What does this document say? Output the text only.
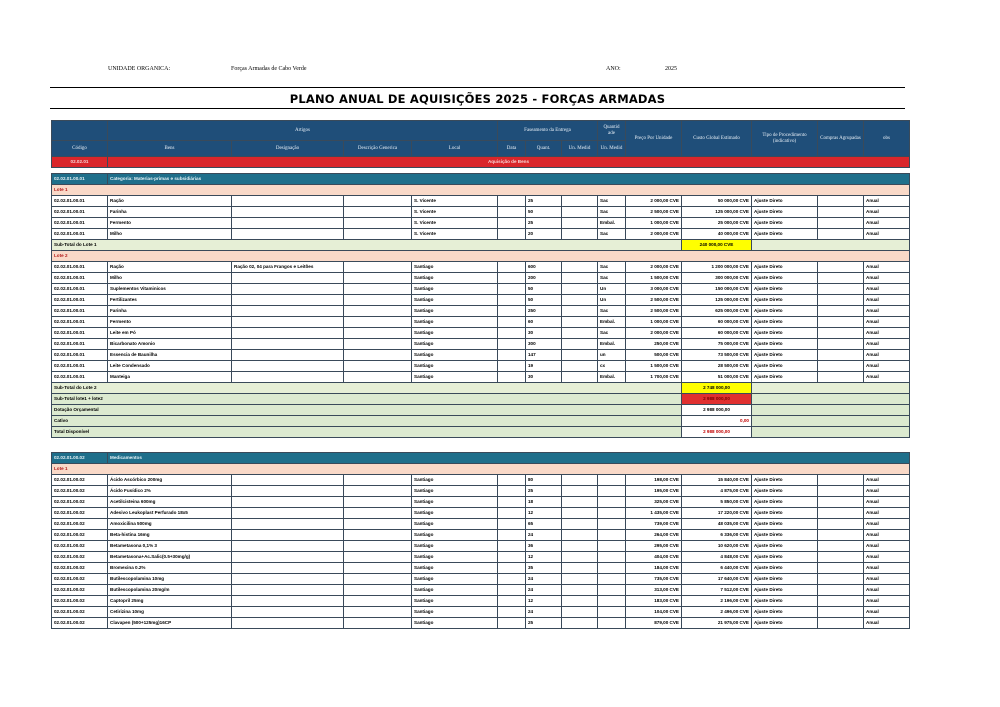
UNIDADE ORGANICA:	Forças Armadas de Cabo Verde	ANO:	2025
PLANO ANUAL DE AQUISIÇÕES 2025 - FORÇAS ARMADAS
	Artigos				Faseamento da Entrega			Quantid ade	Preço Por Unidade	Custo Global Estimado	Tipo de Procedimento (indicativo)	Compras Agrupadas	obs
Código	Bens	Designação	Descrição Generica	Local	Data	Quant.	Un. Medid	Un. Medid					
02.02.01	Aquisição de Bens												

02.02.01.00.01	Categoria: Materias-primas e subsidiárias												
Lote 1													
02.02.01.00.01	Ração			S. Vicente		25		Sac	2 000,00 CVE	50 000,00 CVE	Ajuste Direto		Anual
02.02.01.00.01	Farinha			S. Vicente		50		Sac	2 500,00 CVE	125 000,00 CVE	Ajuste Direto		Anual
02.02.01.00.01	Fermento			S. Vicente		25		Embal.	1 000,00 CVE	25 000,00 CVE	Ajuste Direto		Anual
02.02.01.00.01	Milho			S. Vicente		20		Sac	2 000,00 CVE	40 000,00 CVE	Ajuste Direto		Anual
Sub-Total do Lote 1										240 000,00 CVE			
Lote 2													
02.02.01.00.01	Ração	Ração 02, 04 para Frangos e Leitões		Santiago		600		Sac	2 000,00 CVE	1 200 000,00 CVE	Ajuste Direto		Anual
02.02.01.00.01	Milho			Santiago		200		Sac	1 500,00 CVE	300 000,00 CVE	Ajuste Direto		Anual
02.02.01.00.01	Suplementos Vitaminicos			Santiago		50		Un	3 000,00 CVE	150 000,00 CVE	Ajuste Direto		Anual
02.02.01.00.01	Fertilizantes			Santiago		50		Un	2 500,00 CVE	125 000,00 CVE	Ajuste Direto		Anual
02.02.01.00.01	Farinha			Santiago		250		Sac	2 500,00 CVE	625 000,00 CVE	Ajuste Direto		Anual
02.02.01.00.01	Fermento			Santiago		60		Embal.	1 000,00 CVE	60 000,00 CVE	Ajuste Direto		Anual
02.02.01.00.01	Leite em Pó			Santiago		30		Sac	2 000,00 CVE	60 000,00 CVE	Ajuste Direto		Anual
02.02.01.00.01	Bicarbonato Amonio			Santiago		300		Embal.	250,00 CVE	75 000,00 CVE	Ajuste Direto		Anual
02.02.01.00.01	Essencia de Baunilha			Santiago		147		un	500,00 CVE	73 500,00 CVE	Ajuste Direto		Anual
02.02.01.00.01	Leite Condensado			Santiago		19		cx	1 500,00 CVE	28 500,00 CVE	Ajuste Direto		Anual
02.02.01.00.01	Manteiga			Santiago		30		Embal.	1 700,00 CVE	51 000,00 CVE	Ajuste Direto		Anual
Sub-Total do Lote 2										2 748 000,00			
Sub-Total lote1 + lote2										2 988 000,00			
Dotação Orçamental										2 988 000,00			
Cativo										0,00			
Total Disponível										2 988 000,00			
02.02.01.00.02	Medicamentos												
Lote 1													
02.02.01.00.02	Ácido Ascórbico 200mg			Santiago		80			198,00 CVE	15 840,00 CVE	Ajuste Direto		Anual
02.02.01.00.02	Ácido Fusídico 2%			Santiago		25			195,00 CVE	4 875,00 CVE	Ajuste Direto		Anual
02.02.01.00.02	Acetilcisteina 600mg			Santiago		18			325,00 CVE	5 850,00 CVE	Ajuste Direto		Anual
02.02.01.00.02	Adesivo Leukoplast Perfurado 18x5			Santiago		12			1 435,00 CVE	17 220,00 CVE	Ajuste Direto		Anual
02.02.01.00.02	Amoxicilina 500mg			Santiago		65			739,00 CVE	48 035,00 CVE	Ajuste Direto		Anual
02.02.01.00.02	Beta-histina 16mg			Santiago		24			264,00 CVE	6 336,00 CVE	Ajuste Direto		Anual
02.02.01.00.02	Betametasona 0,1% 3			Santiago		36			295,00 CVE	10 620,00 CVE	Ajuste Direto		Anual
02.02.01.00.02	Betametasona+Ac.Salic(0.5+30mg/g)			Santiago		12			404,00 CVE	4 848,00 CVE	Ajuste Direto		Anual
02.02.01.00.02	Bromexina 0.2%			Santiago		35			184,00 CVE	6 440,00 CVE	Ajuste Direto		Anual
02.02.01.00.02	Butilescopolamina 10mg			Santiago		24			735,00 CVE	17 640,00 CVE	Ajuste Direto		Anual
02.02.01.00.02	Butilescopolamina 20mg/m			Santiago		24			313,00 CVE	7 512,00 CVE	Ajuste Direto		Anual
02.02.01.00.02	Captopril 25mg			Santiago		12			183,00 CVE	2 196,00 CVE	Ajuste Direto		Anual
02.02.01.00.02	Cetirizina 10mg			Santiago		24			104,00 CVE	2 496,00 CVE	Ajuste Direto		Anual
02.02.01.00.02	Clavapen (500+125mg)16CP			Santiago		25			879,00 CVE	21 975,00 CVE	Ajuste Direto		Anual
